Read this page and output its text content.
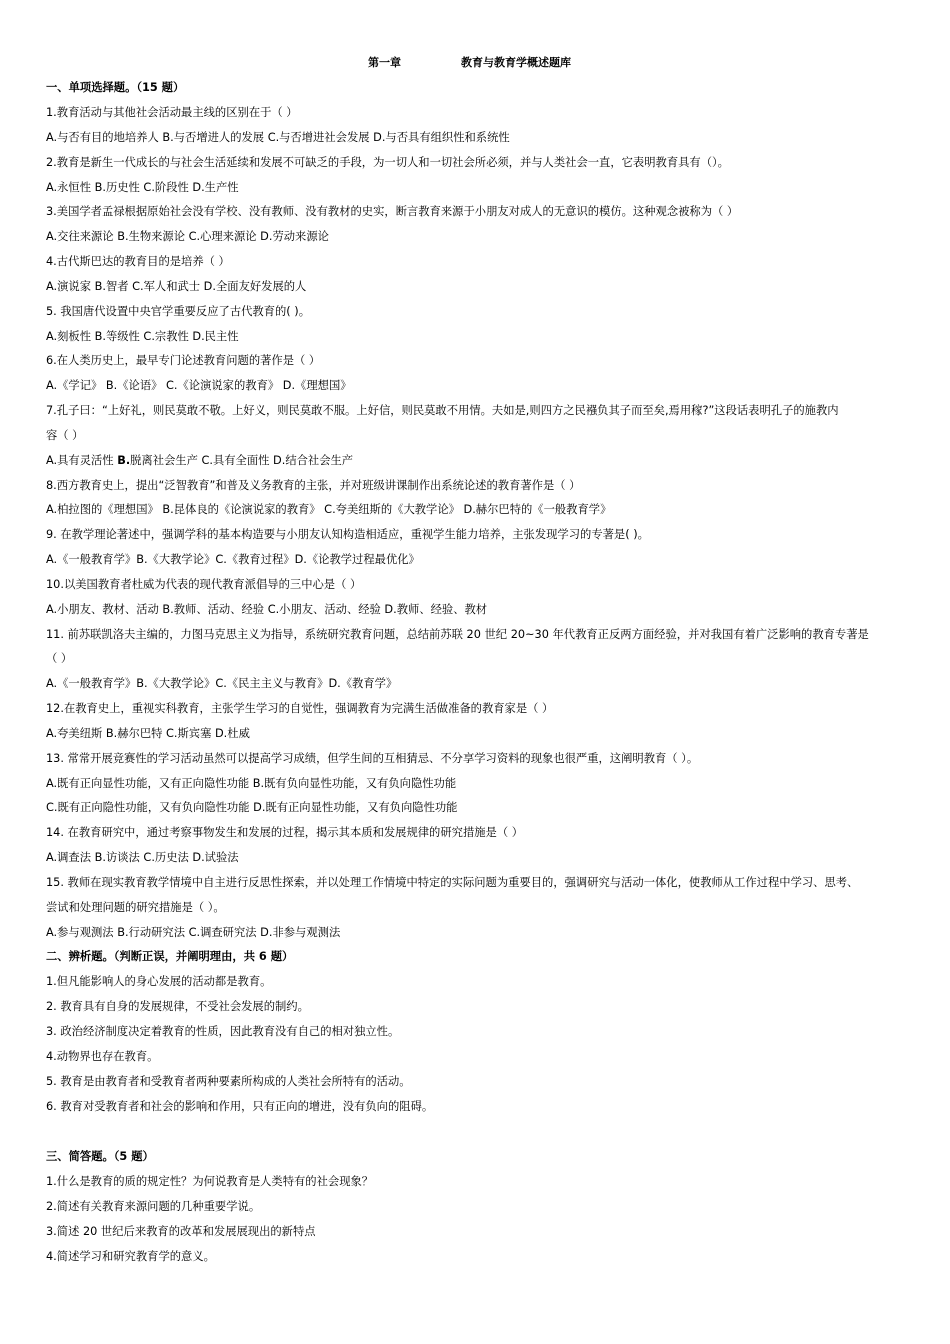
第一章	教育与教育学概述题库
一、单项选择题。（15 题）
1.教育活动与其他社会活动最主线的区别在于（ ）
A.与否有目的地培养人 B.与否增进人的发展 C.与否增进社会发展 D.与否具有组织性和系统性
2.教育是新生一代成长的与社会生活延续和发展不可缺乏的手段，为一切人和一切社会所必须，并与人类社会一直，它表明教育具有（）。
A.永恒性 B.历史性 C.阶段性 D.生产性
3.美国学者孟禄根据原始社会没有学校、没有教师、没有教材的史实，断言教育来源于小朋友对成人的无意识的模仿。这种观念被称为（ ）
A.交往来源论 B.生物来源论 C.心理来源论 D.劳动来源论
4.古代斯巴达的教育目的是培养（ ）
A.演说家 B.智者 C.军人和武士 D.全面友好发展的人
5. 我国唐代设置中央官学重要反应了古代教育的( )。
A.刻板性 B.等级性 C.宗教性 D.民主性
6.在人类历史上，最早专门论述教育问题的著作是（ ）
A.《学记》 B.《论语》 C.《论演说家的教育》 D.《理想国》
7.孔子曰：“上好礼，则民莫敢不敬。上好义，则民莫敢不服。上好信，则民莫敢不用情。夫如是,则四方之民襁负其子而至矣,焉用稼?”这段话表明孔子的施教内
容（ ）
A.具有灵活性 B.脱离社会生产 C.具有全面性 D.结合社会生产
8.西方教育史上，提出“泛智教育”和普及义务教育的主张，并对班级讲课制作出系统论述的教育著作是（ ）
A.柏拉图的《理想国》 B.昆体良的《论演说家的教育》 C.夸美纽斯的《大教学论》 D.赫尔巴特的《一般教育学》
9. 在教学理论著述中，强调学科的基本构造要与小朋友认知构造相适应，重视学生能力培养，主张发现学习的专著是( )。
A.《一般教育学》B.《大教学论》C.《教育过程》D.《论教学过程最优化》
10.以美国教育者杜威为代表的现代教育派倡导的三中心是（ ）
A.小朋友、教材、活动 B.教师、活动、经验 C.小朋友、活动、经验 D.教师、经验、教材
11. 前苏联凯洛夫主编的，力图马克思主义为指导，系统研究教育问题，总结前苏联 20 世纪 20~30 年代教育正反两方面经验，并对我国有着广泛影响的教育专著是
（ ）
A.《一般教育学》B.《大教学论》C.《民主主义与教育》D.《教育学》
12.在教育史上，重视实科教育，主张学生学习的自觉性，强调教育为完满生活做准备的教育家是（ ）
A.夸美纽斯 B.赫尔巴特 C.斯宾塞 D.杜威
13. 常常开展竞赛性的学习活动虽然可以提高学习成绩，但学生间的互相猜忌、不分享学习资料的现象也很严重，这阐明教育（ ）。
A.既有正向显性功能，又有正向隐性功能 B.既有负向显性功能，又有负向隐性功能
C.既有正向隐性功能，又有负向隐性功能 D.既有正向显性功能，又有负向隐性功能
14. 在教育研究中，通过考察事物发生和发展的过程，揭示其本质和发展规律的研究措施是（ ）
A.调查法 B.访谈法 C.历史法 D.试验法
15. 教师在现实教育教学情境中自主进行反思性探索，并以处理工作情境中特定的实际问题为重要目的，强调研究与活动一体化，使教师从工作过程中学习、思考、
尝试和处理问题的研究措施是（ ）。
A.参与观测法 B.行动研究法 C.调查研究法 D.非参与观测法
二、辨析题。（判断正误，并阐明理由，共 6 题）
1.但凡能影响人的身心发展的活动都是教育。
2. 教育具有自身的发展规律，不受社会发展的制约。
3. 政治经济制度决定着教育的性质，因此教育没有自己的相对独立性。
4.动物界也存在教育。
5. 教育是由教育者和受教育者两种要素所构成的人类社会所特有的活动。
6. 教育对受教育者和社会的影响和作用，只有正向的增进，没有负向的阻碍。
三、简答题。（5 题）
1.什么是教育的质的规定性？为何说教育是人类特有的社会现象？
2.简述有关教育来源问题的几种重要学说。
3.简述 20 世纪后来教育的改革和发展展现出的新特点
4.简述学习和研究教育学的意义。
